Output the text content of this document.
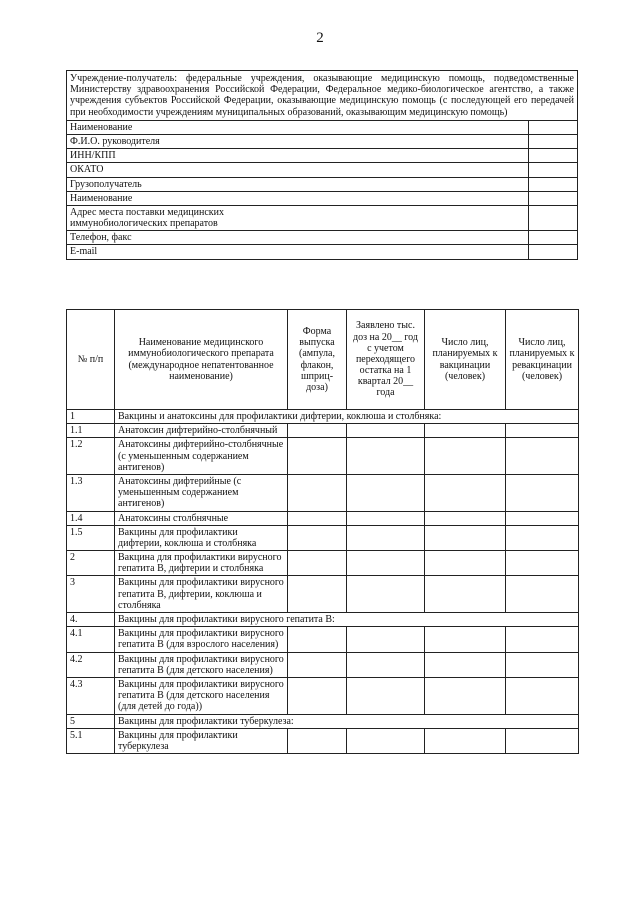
2
Учреждение-получатель: федеральные учреждения, оказывающие медицинскую помощь, подведомственные Министерству здравоохранения Российской Федерации, Федеральное медико-биологическое агентство, а также учреждения субъектов Российской Федерации, оказывающие медицинскую помощь (с последующей его передачей при необходимости учреждениям муниципальных образований, оказывающим медицинскую помощь)	
Наименование	
Ф.И.О. руководителя	
ИНН/КПП	
ОКАТО	
Грузополучатель	
Наименование	
Адрес места поставки медицинских иммунобиологических препаратов	
Телефон, факс	
E-mail	
№ п/п	Наименование медицинского иммунобиологического препарата (международное непатентованное наименование)	Форма выпуска (ампула, флакон, шприц-доза)	Заявлено тыс. доз на 20__ год с учетом переходящего остатка на 1 квартал 20__ года	Число лиц, планируемых к вакцинации (человек)	Число лиц, планируемых к ревакцинации (человек)
1	Вакцины и анатоксины для профилактики дифтерии, коклюша и столбняка:				
1.1	Анатоксин дифтерийно-столбнячный				
1.2	Анатоксины дифтерийно-столбнячные (с уменьшенным содержанием антигенов)				
1.3	Анатоксины дифтерийные (с уменьшенным содержанием антигенов)				
1.4	Анатоксины столбнячные				
1.5	Вакцины для профилактики дифтерии, коклюша и столбняка				
2	Вакцина для профилактики вирусного гепатита В, дифтерии и столбняка				
3	Вакцины для профилактики вирусного гепатита В, дифтерии, коклюша и столбняка				
4.	Вакцины для профилактики вирусного гепатита В:				
4.1	Вакцины для профилактики вирусного гепатита В (для взрослого населения)				
4.2	Вакцины для профилактики вирусного гепатита В (для детского населения)				
4.3	Вакцины для профилактики вирусного гепатита В (для детского населения (для детей до года))				
5	Вакцины для профилактики туберкулеза:				
5.1	Вакцины для профилактики туберкулеза				
